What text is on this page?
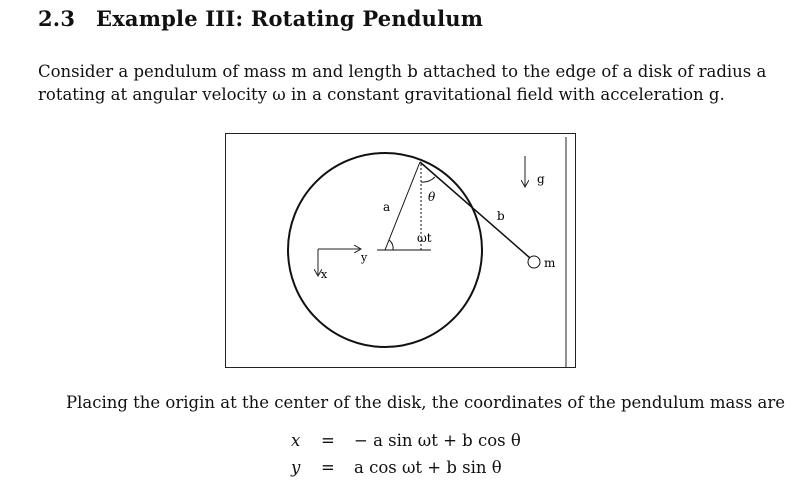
2.3 Example III: Rotating Pendulum
Consider a pendulum of mass m and length b attached to the edge of a disk of radius a
rotating at angular velocity ω in a constant gravitational field with acceleration g.
a
θ
ωt
b
g
m
x
y
Placing the origin at the center of the disk, the coordinates of the pendulum mass are
x = − a sin ωt + b cos θ
y = a cos ωt + b sin θ
